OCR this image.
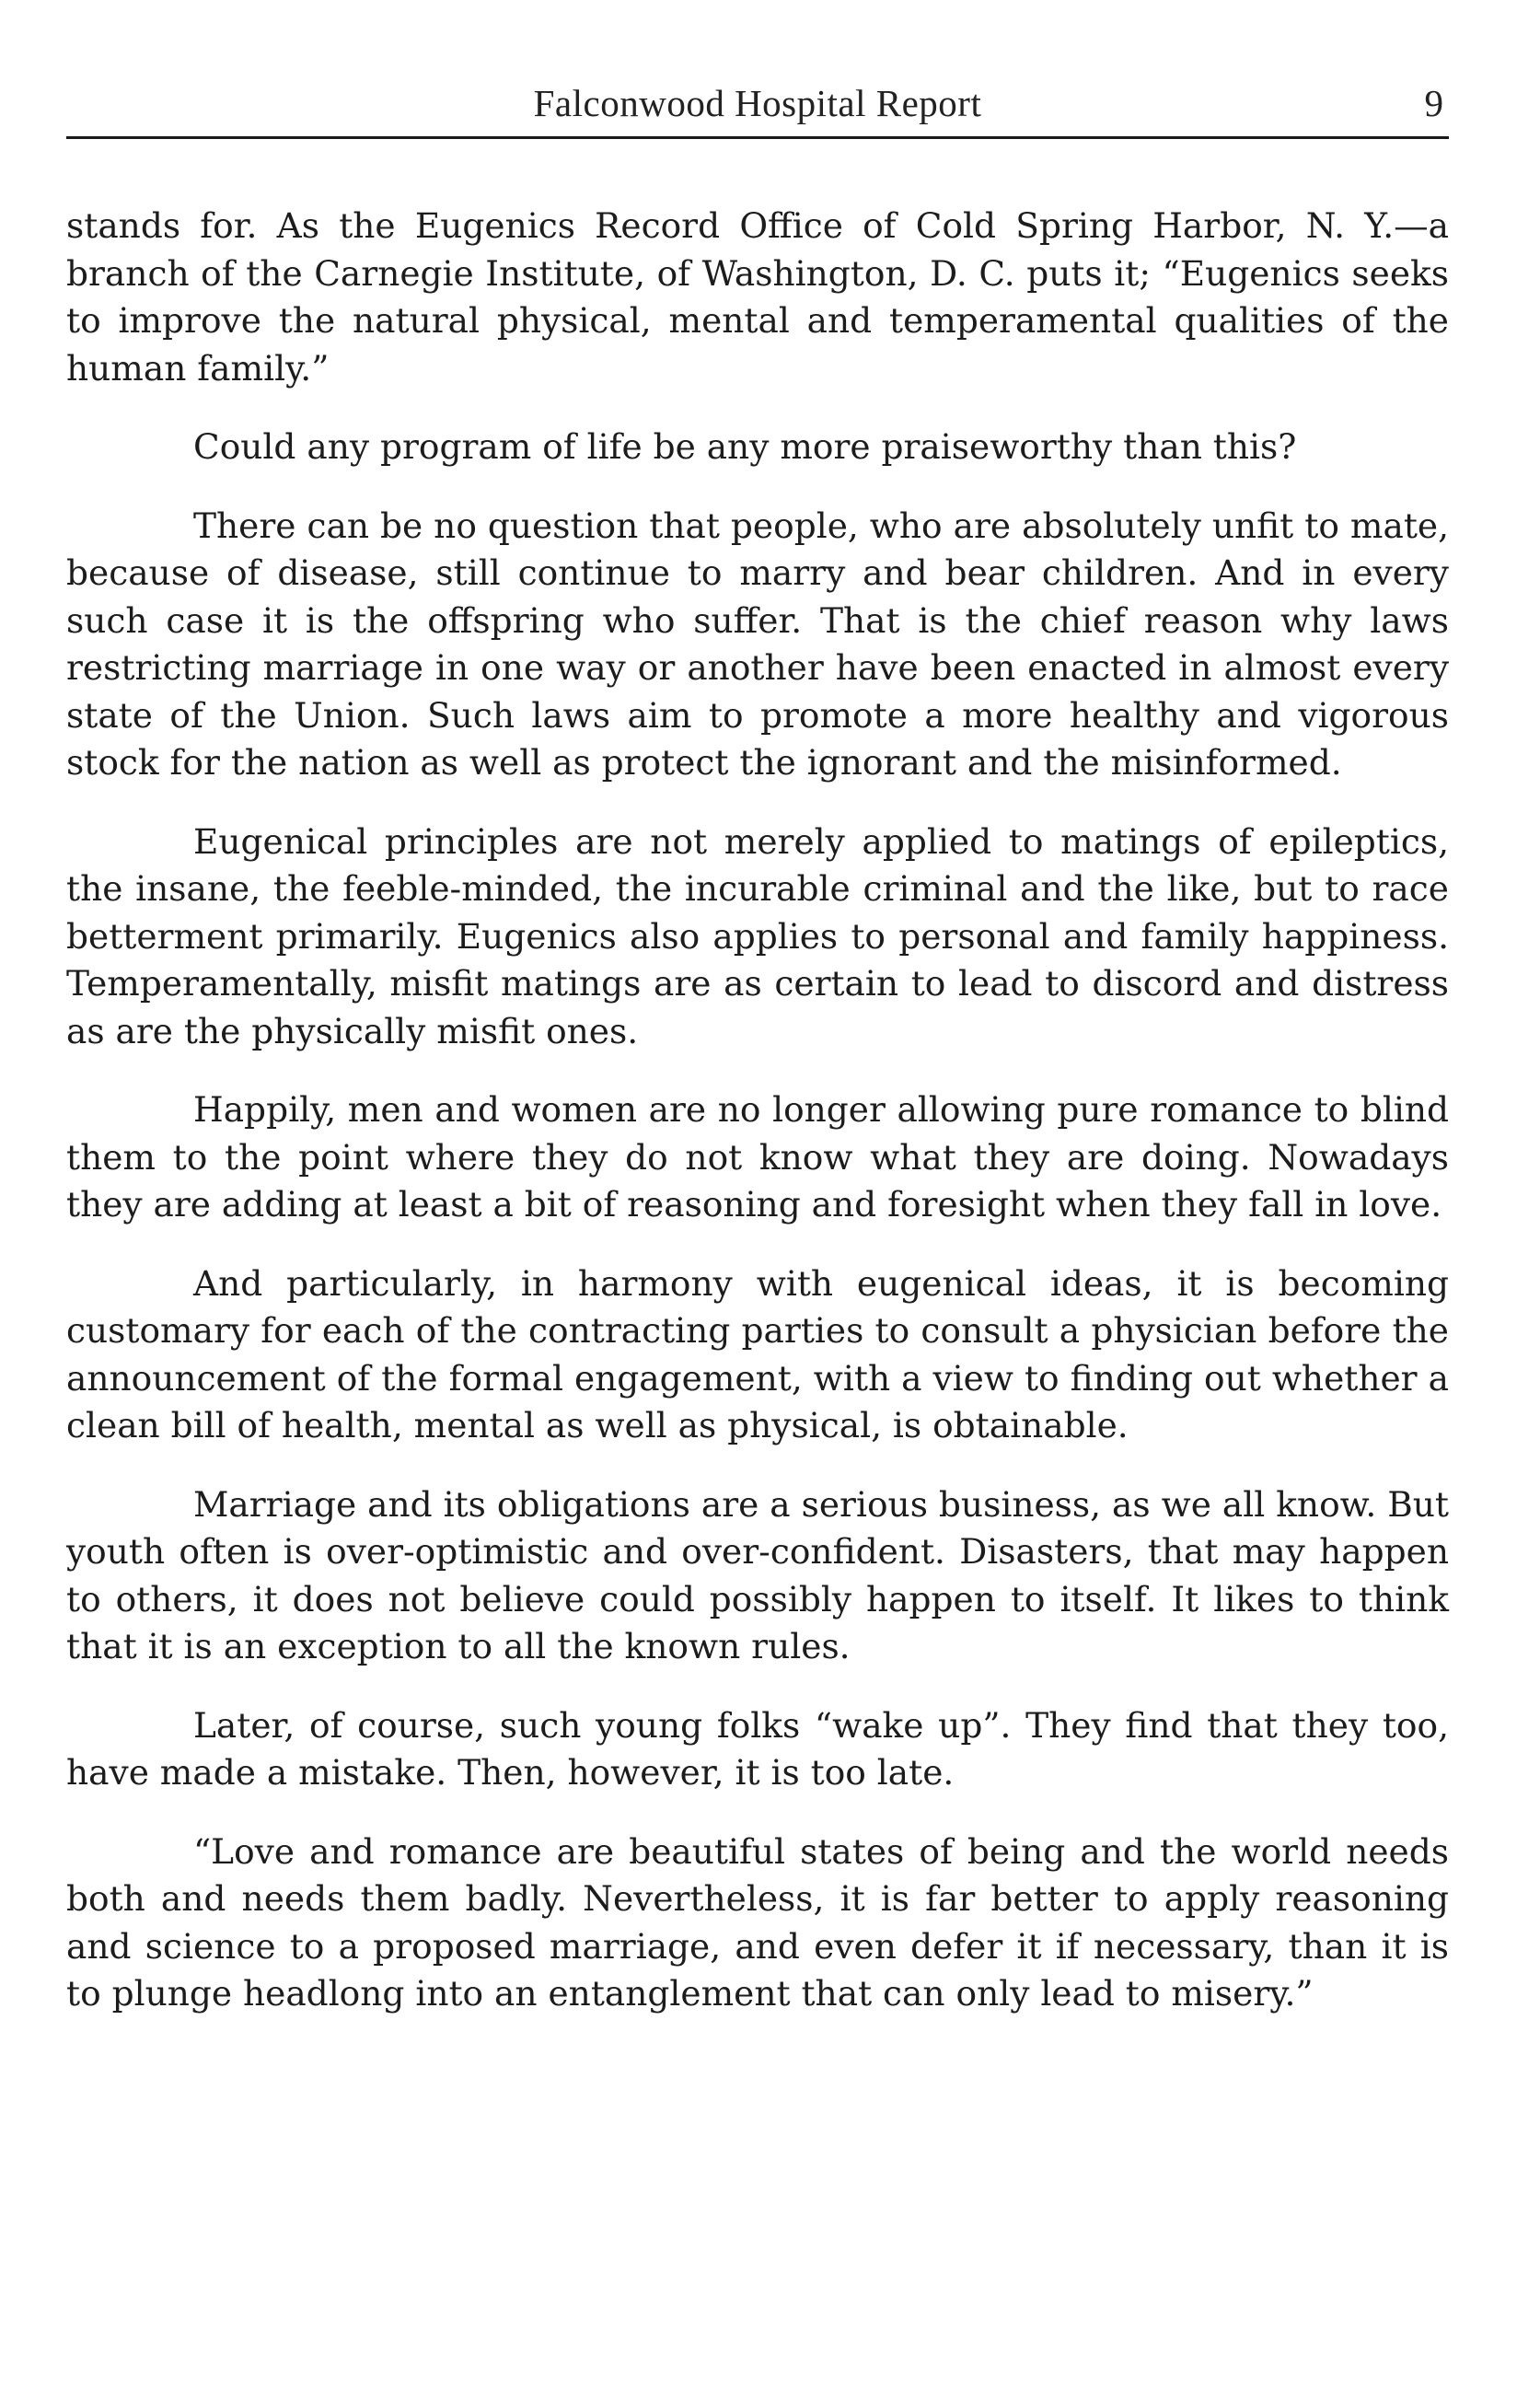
Falconwood Hospital Report	9

stands for. As the Eugenics Record Office of Cold Spring Harbor, N. Y.—a branch of the Carnegie Institute, of Washington, D. C. puts it; “Eugenics seeks to improve the natural physical, mental and temperamental qualities of the human family.”

Could any program of life be any more praiseworthy than this?

There can be no question that people, who are absolutely unfit to mate, because of disease, still continue to marry and bear children. And in every such case it is the offspring who suffer. That is the chief reason why laws restricting marriage in one way or another have been enacted in almost every state of the Union. Such laws aim to promote a more healthy and vigorous stock for the nation as well as protect the ignorant and the misinformed.

Eugenical principles are not merely applied to matings of epileptics, the insane, the feeble-minded, the incurable criminal and the like, but to race betterment primarily. Eugenics also applies to personal and family happiness. Temperamentally, misfit matings are as certain to lead to discord and distress as are the physically misfit ones.

Happily, men and women are no longer allowing pure romance to blind them to the point where they do not know what they are doing. Nowadays they are adding at least a bit of reasoning and foresight when they fall in love.

And particularly, in harmony with eugenical ideas, it is becoming customary for each of the contracting parties to consult a physician before the announcement of the formal engagement, with a view to finding out whether a clean bill of health, mental as well as physical, is obtainable.

Marriage and its obligations are a serious business, as we all know. But youth often is over-optimistic and over-confident. Disasters, that may happen to others, it does not believe could possibly happen to itself. It likes to think that it is an exception to all the known rules.

Later, of course, such young folks “wake up”. They find that they too, have made a mistake. Then, however, it is too late.

“Love and romance are beautiful states of being and the world needs both and needs them badly. Nevertheless, it is far better to apply reasoning and science to a proposed marriage, and even defer it if necessary, than it is to plunge headlong into an entanglement that can only lead to misery.”
